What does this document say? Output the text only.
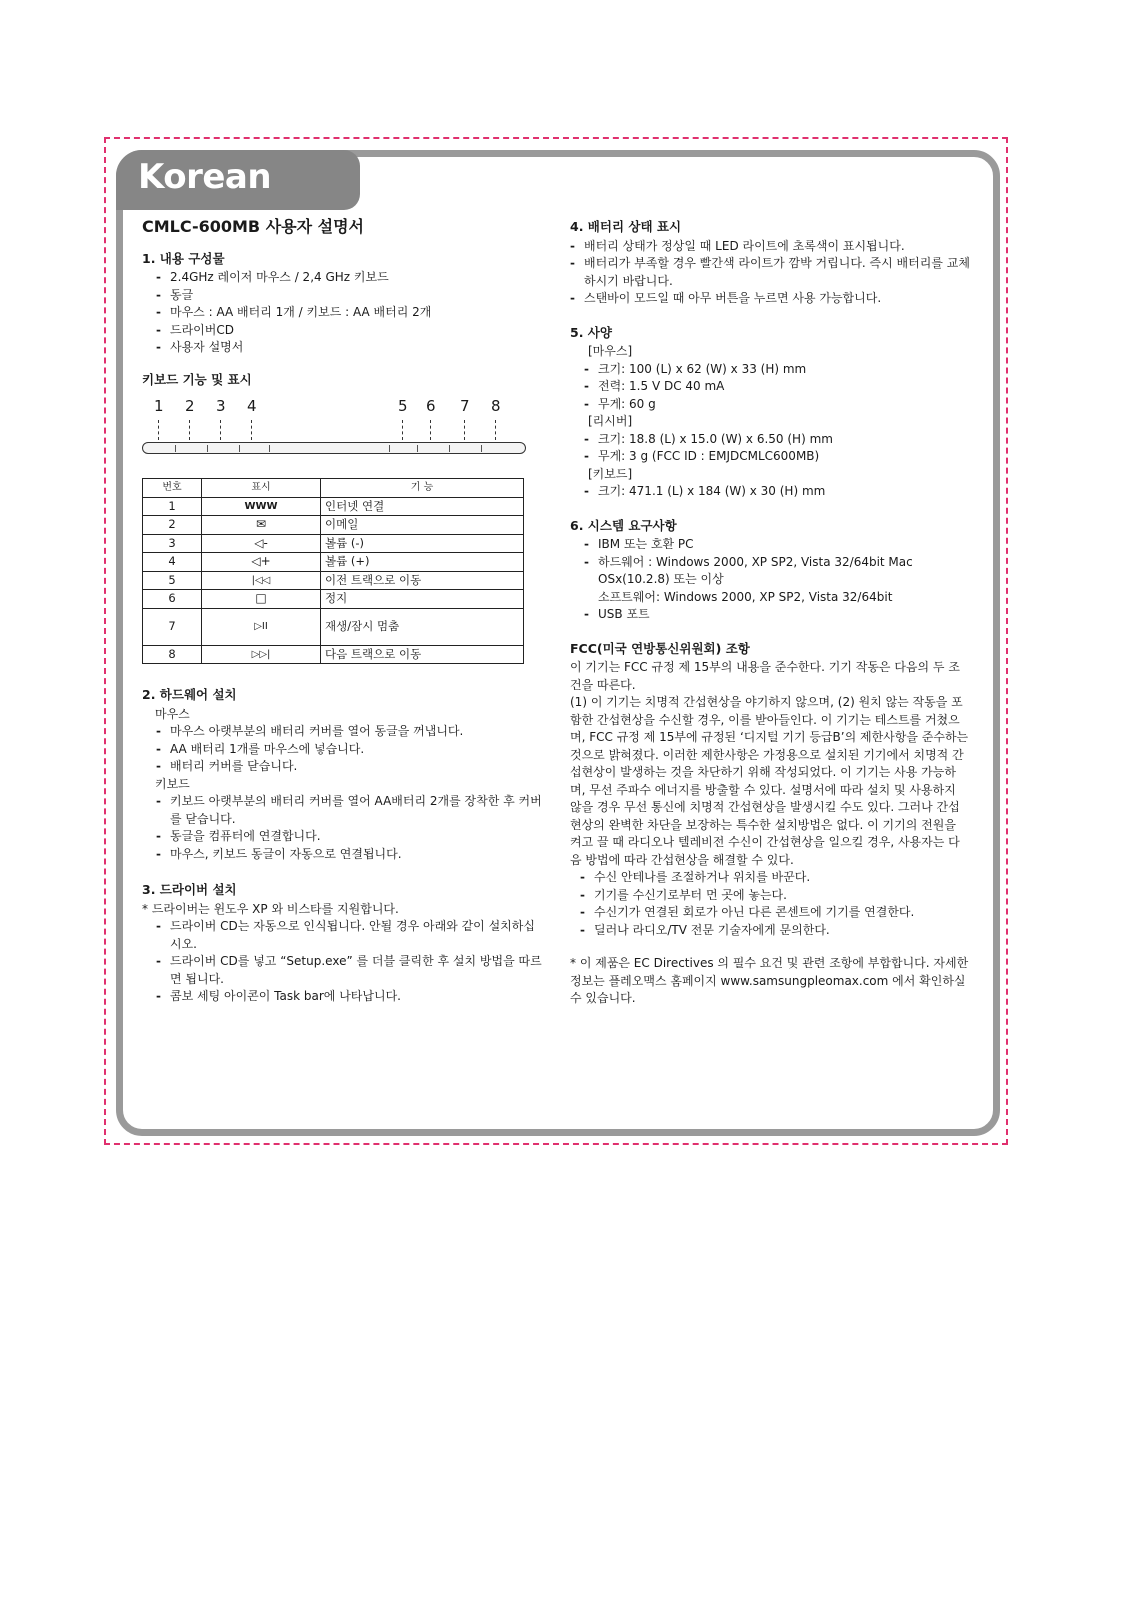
Korean
CMLC-600MB 사용자 설명서
1. 내용 구성물
- 2.4GHz 레이저 마우스 / 2,4 GHz 키보드
- 동글
- 마우스 : AA 배터리 1개 / 키보드 : AA 배터리 2개
- 드라이버CD
- 사용자 설명서
키보드 기능 및 표시
1 2 3 4	5 6 7 8
번호	표시	기 능
1	WWW	인터넷 연결
2	✉	이메일
3	◁-	볼륨 (-)
4	◁+	볼륨 (+)
5	|◁◁	이전 트랙으로 이동
6	□	정지
7	▷II	재생/잠시 멈춤
8	▷▷|	다음 트랙으로 이동
2. 하드웨어 설치
마우스
- 마우스 아랫부분의 배터리 커버를 열어 동글을 꺼냅니다.
- AA 배터리 1개를 마우스에 넣습니다.
- 배터리 커버를 닫습니다.
키보드
- 키보드 아랫부분의 배터리 커버를 열어 AA배터리 2개를 장착한 후 커버를 닫습니다.
- 동글을 컴퓨터에 연결합니다.
- 마우스, 키보드 동글이 자동으로 연결됩니다.
3. 드라이버 설치
* 드라이버는 윈도우 XP 와 비스타를 지원합니다.
- 드라이버 CD는 자동으로 인식됩니다. 안될 경우 아래와 같이 설치하십시오.
- 드라이버 CD를 넣고 “Setup.exe” 를 더블 클릭한 후 설치 방법을 따르면 됩니다.
- 콤보 세팅 아이콘이 Task bar에 나타납니다.
4. 배터리 상태 표시
- 배터리 상태가 정상일 때 LED 라이트에 초록색이 표시됩니다.
- 배터리가 부족할 경우 빨간색 라이트가 깜박 거립니다. 즉시 배터리를 교체하시기 바랍니다.
- 스탠바이 모드일 때 아무 버튼을 누르면 사용 가능합니다.
5. 사양
[마우스]
- 크기: 100 (L) x 62 (W) x 33 (H) mm
- 전력: 1.5 V DC 40 mA
- 무게: 60 g
[리시버]
- 크기: 18.8 (L) x 15.0 (W) x 6.50 (H) mm
- 무게: 3 g (FCC ID : EMJDCMLC600MB)
[키보드]
- 크기: 471.1 (L) x 184 (W) x 30 (H) mm
6. 시스템 요구사항
- IBM 또는 호환 PC
- 하드웨어 : Windows 2000, XP SP2, Vista 32/64bit Mac OSx(10.2.8) 또는 이상
소프트웨어: Windows 2000, XP SP2, Vista 32/64bit
- USB 포트
FCC(미국 연방통신위원회) 조항
이 기기는 FCC 규정 제 15부의 내용을 준수한다. 기기 작동은 다음의 두 조건을 따른다.
(1) 이 기기는 치명적 간섭현상을 야기하지 않으며, (2) 원치 않는 작동을 포함한 간섭현상을 수신할 경우, 이를 받아들인다. 이 기기는 테스트를 거쳤으며, FCC 규정 제 15부에 규정된 ‘디지털 기기 등급B’의 제한사항을 준수하는 것으로 밝혀졌다. 이러한 제한사항은 가정용으로 설치된 기기에서 치명적 간섭현상이 발생하는 것을 차단하기 위해 작성되었다. 이 기기는 사용 가능하며, 무선 주파수 에너지를 방출할 수 있다. 설명서에 따라 설치 및 사용하지 않을 경우 무선 통신에 치명적 간섭현상을 발생시킬 수도 있다. 그러나 간섭현상의 완벽한 차단을 보장하는 특수한 설치방법은 없다. 이 기기의 전원을 켜고 끌 때 라디오나 텔레비전 수신이 간섭현상을 일으킬 경우, 사용자는 다음 방법에 따라 간섭현상을 해결할 수 있다.
- 수신 안테나를 조절하거나 위치를 바꾼다.
- 기기를 수신기로부터 먼 곳에 놓는다.
- 수신기가 연결된 회로가 아닌 다른 콘센트에 기기를 연결한다.
- 딜러나 라디오/TV 전문 기술자에게 문의한다.
* 이 제품은 EC Directives 의 필수 요건 및 관련 조항에 부합합니다. 자세한 정보는 플레오맥스 홈페이지 www.samsungpleomax.com 에서 확인하실 수 있습니다.
